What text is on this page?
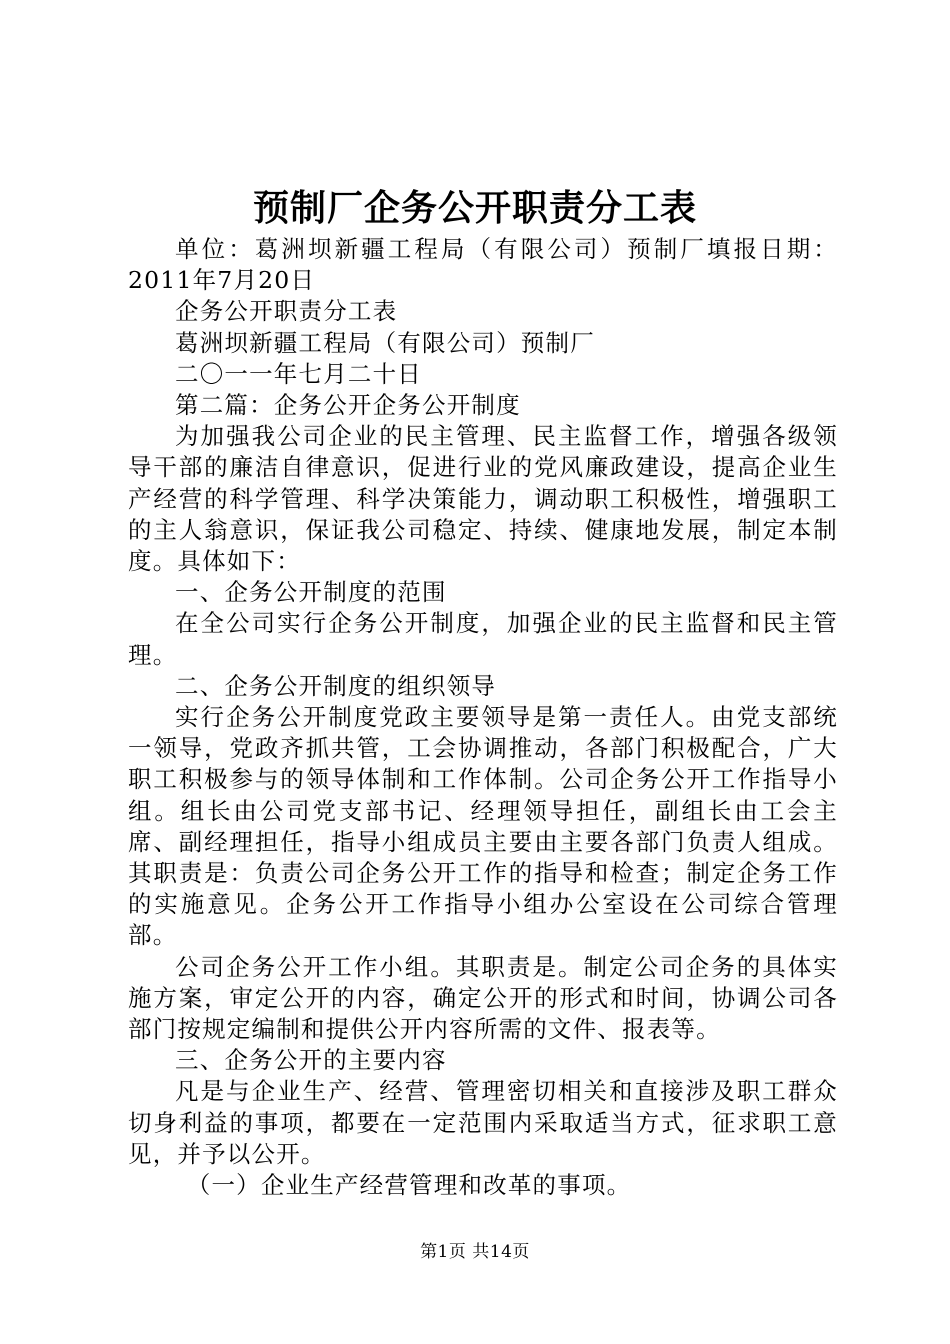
预制厂企务公开职责分工表

单位：葛洲坝新疆工程局（有限公司）预制厂填报日期：2011年7月20日

企务公开职责分工表

葛洲坝新疆工程局（有限公司）预制厂

二〇一一年七月二十日

第二篇：企务公开企务公开制度

为加强我公司企业的民主管理、民主监督工作，增强各级领导干部的廉洁自律意识，促进行业的党风廉政建设，提高企业生产经营的科学管理、科学决策能力，调动职工积极性，增强职工的主人翁意识，保证我公司稳定、持续、健康地发展，制定本制度。具体如下：

一、企务公开制度的范围

在全公司实行企务公开制度，加强企业的民主监督和民主管理。

二、企务公开制度的组织领导

实行企务公开制度党政主要领导是第一责任人。由党支部统一领导，党政齐抓共管，工会协调推动，各部门积极配合，广大职工积极参与的领导体制和工作体制。公司企务公开工作指导小组。组长由公司党支部书记、经理领导担任，副组长由工会主席、副经理担任，指导小组成员主要由主要各部门负责人组成。其职责是：负责公司企务公开工作的指导和检查；制定企务工作的实施意见。企务公开工作指导小组办公室设在公司综合管理部。

公司企务公开工作小组。其职责是。制定公司企务的具体实施方案，审定公开的内容，确定公开的形式和时间，协调公司各部门按规定编制和提供公开内容所需的文件、报表等。

三、企务公开的主要内容

凡是与企业生产、经营、管理密切相关和直接涉及职工群众切身利益的事项，都要在一定范围内采取适当方式，征求职工意见，并予以公开。

（一）企业生产经营管理和改革的事项。

第1页 共14页
